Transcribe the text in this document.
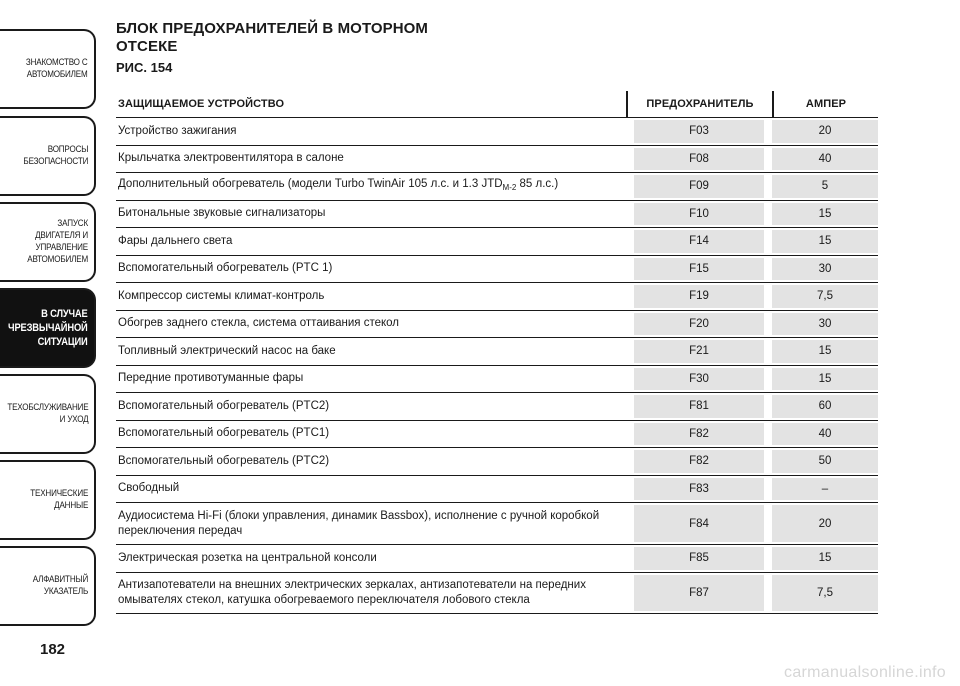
ЗНАКОМСТВО С
АВТОМОБИЛЕМ
ВОПРОСЫ
БЕЗОПАСНОСТИ
ЗАПУСК ДВИГАТЕЛЯ И
УПРАВЛЕНИЕ
АВТОМОБИЛЕМ
В СЛУЧАЕ
ЧРЕЗВЫЧАЙНОЙ
СИТУАЦИИ
ТЕХОБСЛУЖИВАНИЕ
И УХОД
ТЕХНИЧЕСКИЕ
ДАННЫЕ
АЛФАВИТНЫЙ
УКАЗАТЕЛЬ
182
БЛОК ПРЕДОХРАНИТЕЛЕЙ В МОТОРНОМ
ОТСЕКЕ
РИС. 154
ЗАЩИЩАЕМОЕ УСТРОЙСТВО	ПРЕДОХРАНИТЕЛЬ	АМПЕР
Устройство зажигания	F03	20
Крыльчатка электровентилятора в салоне	F08	40
Дополнительный обогреватель (модели Turbo TwinAir 105 л.с. и 1.3 $JTD_{M-2}$ 85 л.с.)	F09	5
Битональные звуковые сигнализаторы	F10	15
Фары дальнего света	F14	15
Вспомогательный обогреватель (PTC 1)	F15	30
Компрессор системы климат-контроль	F19	7,5
Обогрев заднего стекла, система оттаивания стекол	F20	30
Топливный электрический насос на баке	F21	15
Передние противотуманные фары	F30	15
Вспомогательный обогреватель (PTC2)	F81	60
Вспомогательный обогреватель (PTC1)	F82	40
Вспомогательный обогреватель (PTC2)	F82	50
Свободный	F83	–
Аудиосистема Hi-Fi (блоки управления, динамик Bassbox), исполнение с ручной коробкой переключения передач
F84	20
Электрическая розетка на центральной консоли	F85	15
Антизапотеватели на внешних электрических зеркалах, антизапотеватели на передних омывателях стекол, катушка обогреваемого переключателя лобового стекла
F87	7,5
carmanualsonline.info
